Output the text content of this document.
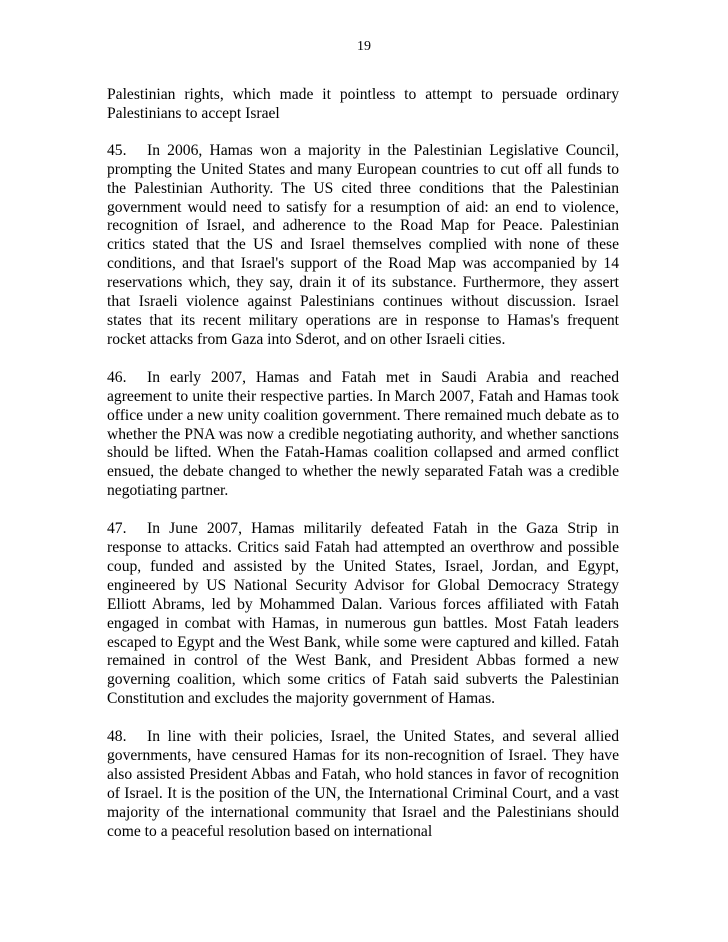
19

Palestinian rights, which made it pointless to attempt to persuade ordinary Palestinians to accept Israel

45. In 2006, Hamas won a majority in the Palestinian Legislative Council, prompting the United States and many European countries to cut off all funds to the Palestinian Authority. The US cited three conditions that the Palestinian government would need to satisfy for a resumption of aid: an end to violence, recognition of Israel, and adherence to the Road Map for Peace. Palestinian critics stated that the US and Israel themselves complied with none of these conditions, and that Israel's support of the Road Map was accompanied by 14 reservations which, they say, drain it of its substance. Furthermore, they assert that Israeli violence against Palestinians continues without discussion. Israel states that its recent military operations are in response to Hamas's frequent rocket attacks from Gaza into Sderot, and on other Israeli cities.

46. In early 2007, Hamas and Fatah met in Saudi Arabia and reached agreement to unite their respective parties. In March 2007, Fatah and Hamas took office under a new unity coalition government. There remained much debate as to whether the PNA was now a credible negotiating authority, and whether sanctions should be lifted. When the Fatah-Hamas coalition collapsed and armed conflict ensued, the debate changed to whether the newly separated Fatah was a credible negotiating partner.

47. In June 2007, Hamas militarily defeated Fatah in the Gaza Strip in response to attacks. Critics said Fatah had attempted an overthrow and possible coup, funded and assisted by the United States, Israel, Jordan, and Egypt, engineered by US National Security Advisor for Global Democracy Strategy Elliott Abrams, led by Mohammed Dalan. Various forces affiliated with Fatah engaged in combat with Hamas, in numerous gun battles. Most Fatah leaders escaped to Egypt and the West Bank, while some were captured and killed. Fatah remained in control of the West Bank, and President Abbas formed a new governing coalition, which some critics of Fatah said subverts the Palestinian Constitution and excludes the majority government of Hamas.

48. In line with their policies, Israel, the United States, and several allied governments, have censured Hamas for its non-recognition of Israel. They have also assisted President Abbas and Fatah, who hold stances in favor of recognition of Israel. It is the position of the UN, the International Criminal Court, and a vast majority of the international community that Israel and the Palestinians should come to a peaceful resolution based on international
